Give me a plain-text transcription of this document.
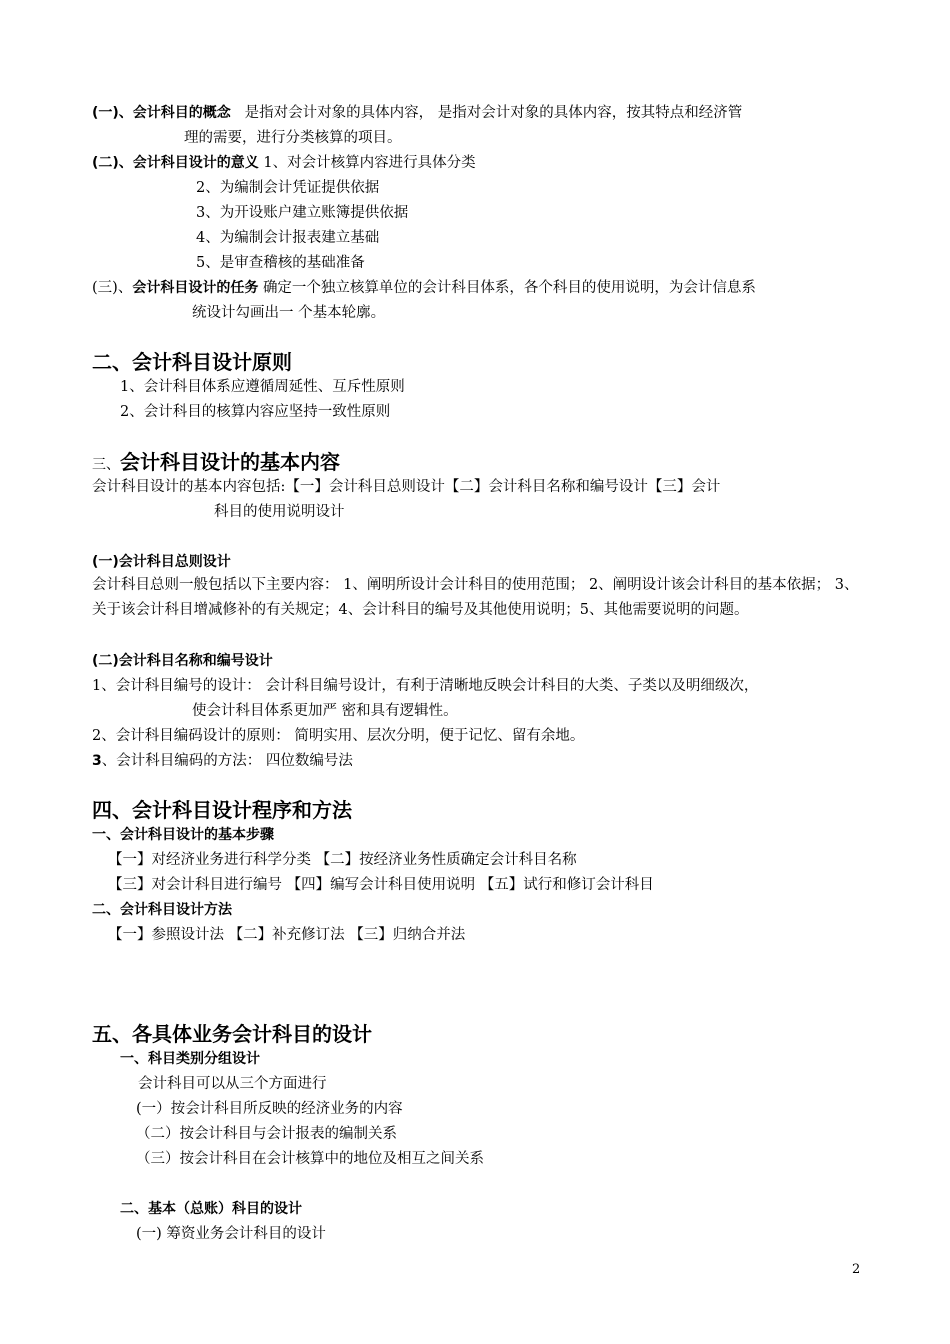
(一)、会计科目的概念 是指对会计对象的具体内容， 是指对会计对象的具体内容，按其特点和经济管
理的需要，进行分类核算的项目。
(二)、会计科目设计的意义 1、对会计核算内容进行具体分类
2、为编制会计凭证提供依据
3、为开设账户建立账簿提供依据
4、为编制会计报表建立基础
5、是审查稽核的基础准备
(三)、会计科目设计的任务 确定一个独立核算单位的会计科目体系，各个科目的使用说明，为会计信息系
统设计勾画出一 个基本轮廓。
二、会计科目设计原则
1、会计科目体系应遵循周延性、互斥性原则
2、会计科目的核算内容应坚持一致性原则
三、会计科目设计的基本内容
会计科目设计的基本内容包括:【一】会计科目总则设计【二】会计科目名称和编号设计【三】会计
科目的使用说明设计
(一)会计科目总则设计
会计科目总则一般包括以下主要内容： 1、阐明所设计会计科目的使用范围； 2、阐明设计该会计科目的基本依据； 3、关于该会计科目增减修补的有关规定；4、会计科目的编号及其他使用说明；5、其他需要说明的问题。
(二)会计科目名称和编号设计
1、会计科目编号的设计： 会计科目编号设计，有利于清晰地反映会计科目的大类、子类以及明细级次，
使会计科目体系更加严 密和具有逻辑性。
2、会计科目编码设计的原则： 简明实用、层次分明，便于记忆、留有余地。
3、会计科目编码的方法： 四位数编号法
四、会计科目设计程序和方法
一、会计科目设计的基本步骤
【一】对经济业务进行科学分类 【二】按经济业务性质确定会计科目名称
【三】对会计科目进行编号 【四】编写会计科目使用说明 【五】试行和修订会计科目
二、会计科目设计方法
【一】参照设计法 【二】补充修订法 【三】归纳合并法
五、各具体业务会计科目的设计
一、科目类别分组设计
会计科目可以从三个方面进行
(一）按会计科目所反映的经济业务的内容
（二）按会计科目与会计报表的编制关系
（三）按会计科目在会计核算中的地位及相互之间关系
二、基本（总账）科目的设计
(一) 筹资业务会计科目的设计
2
